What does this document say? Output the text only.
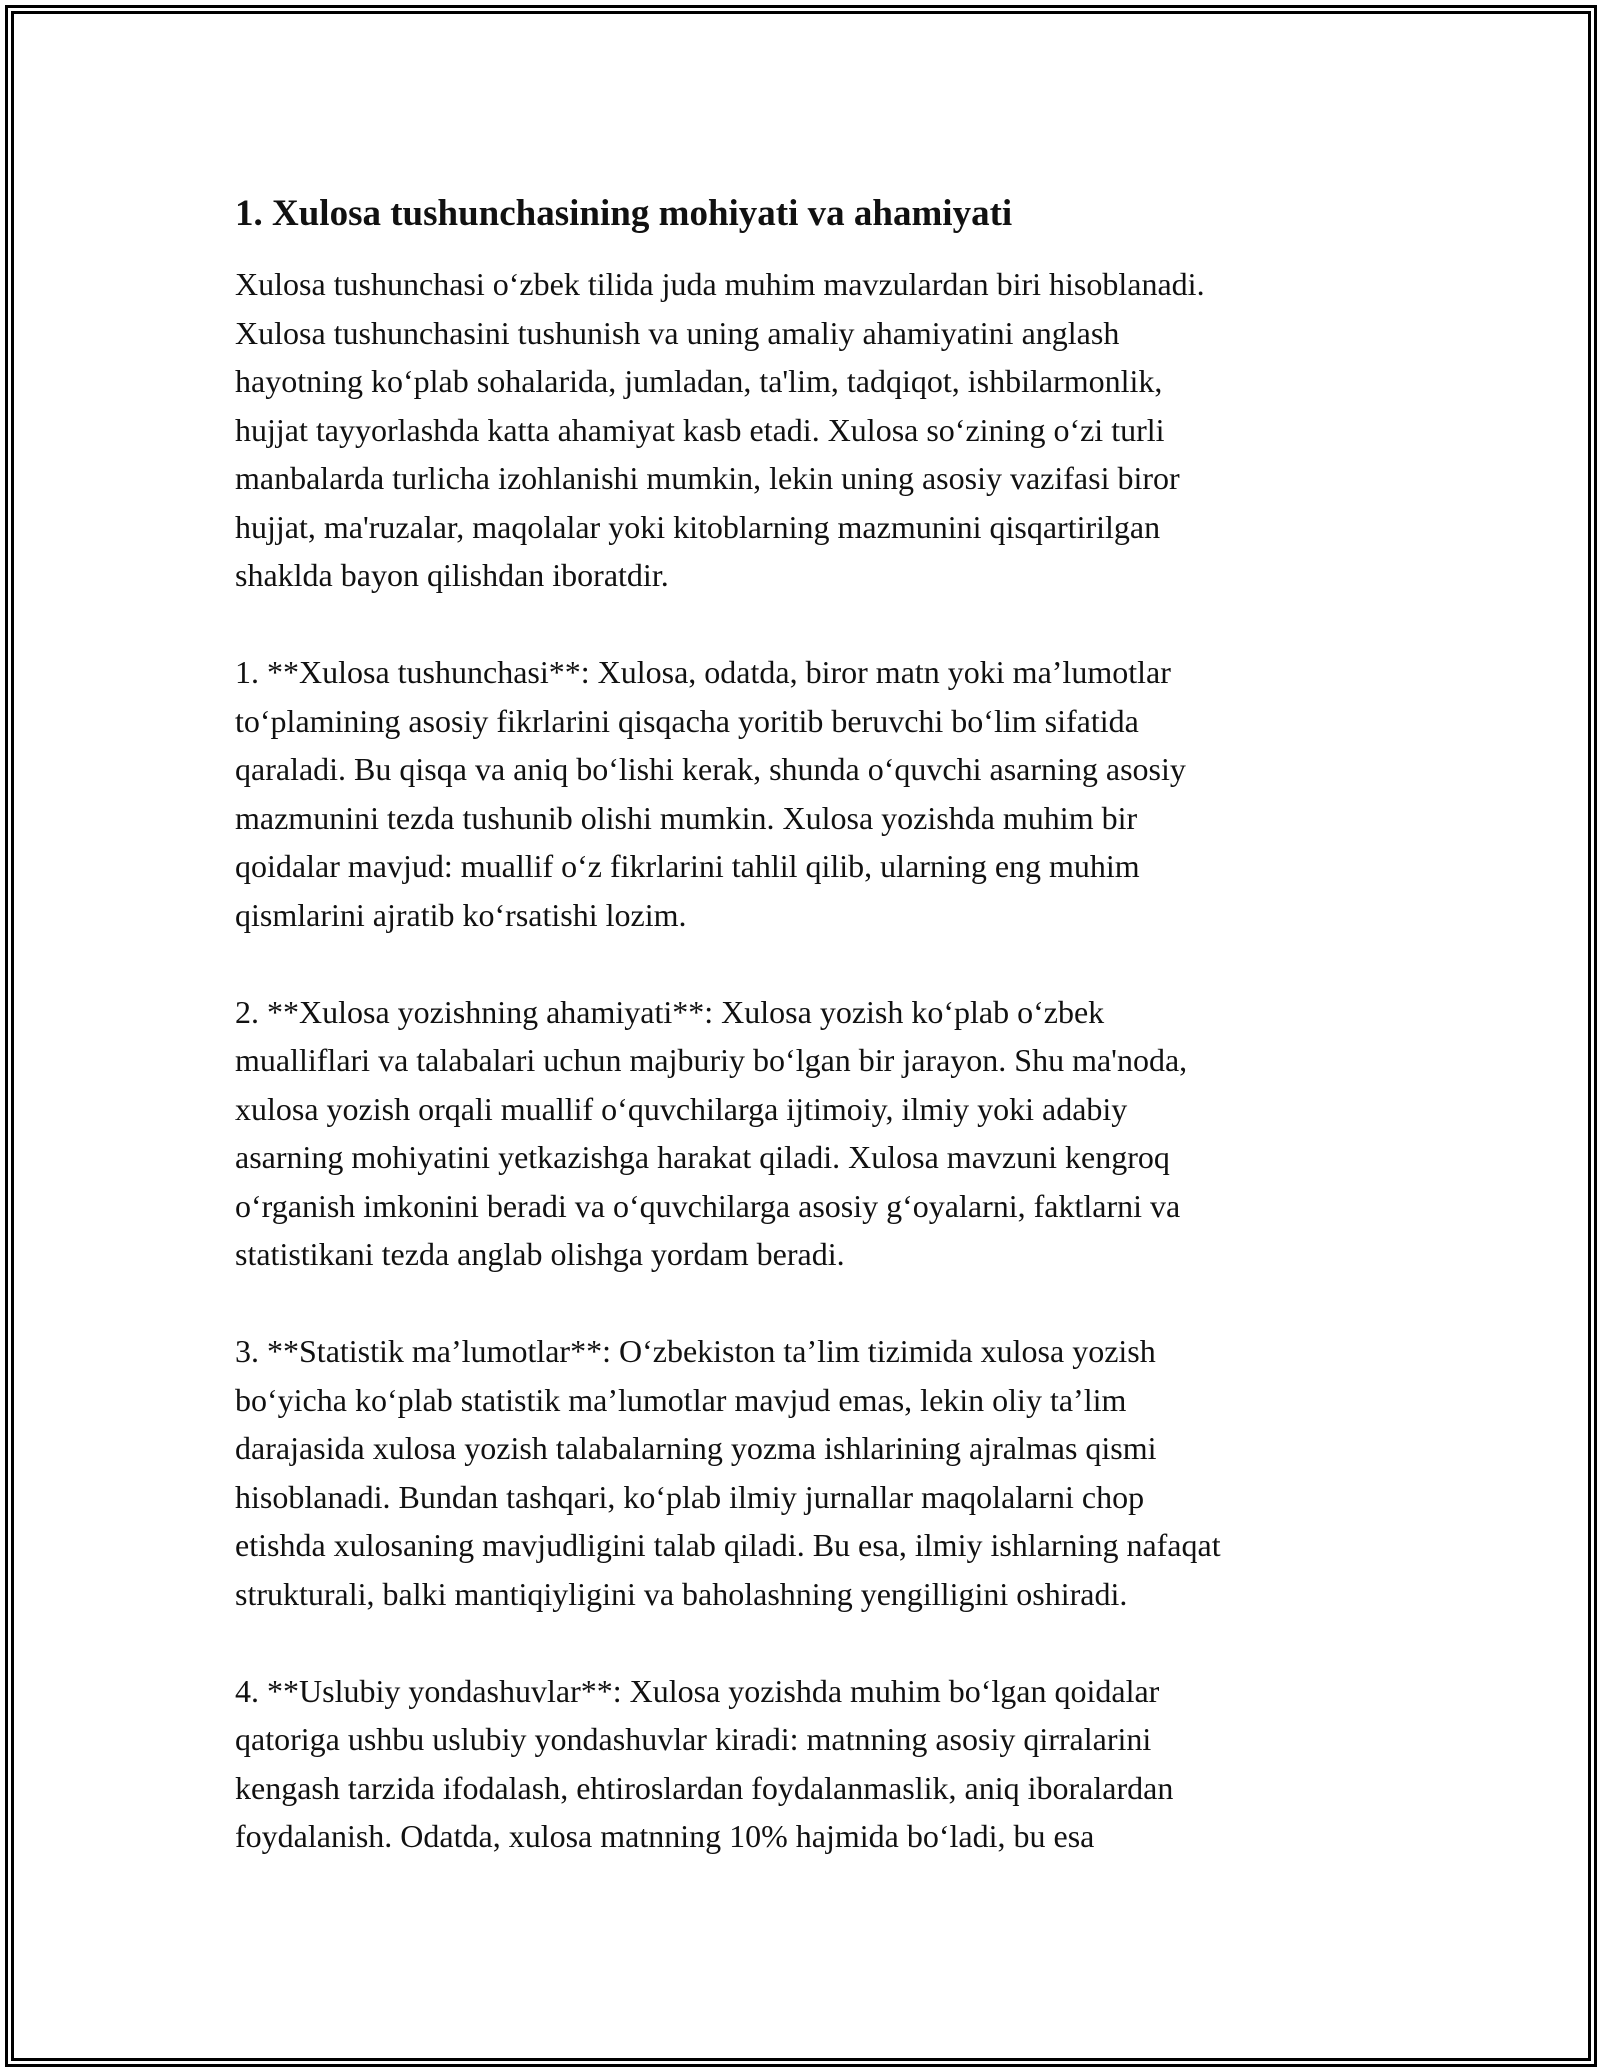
1. Xulosa tushunchasining mohiyati va ahamiyati

Xulosa tushunchasi o‘zbek tilida juda muhim mavzulardan biri hisoblanadi.
Xulosa tushunchasini tushunish va uning amaliy ahamiyatini anglash
hayotning ko‘plab sohalarida, jumladan, ta'lim, tadqiqot, ishbilarmonlik,
hujjat tayyorlashda katta ahamiyat kasb etadi. Xulosa so‘zining o‘zi turli
manbalarda turlicha izohlanishi mumkin, lekin uning asosiy vazifasi biror
hujjat, ma'ruzalar, maqolalar yoki kitoblarning mazmunini qisqartirilgan
shaklda bayon qilishdan iboratdir.

1. **Xulosa tushunchasi**: Xulosa, odatda, biror matn yoki ma’lumotlar
to‘plamining asosiy fikrlarini qisqacha yoritib beruvchi bo‘lim sifatida
qaraladi. Bu qisqa va aniq bo‘lishi kerak, shunda o‘quvchi asarning asosiy
mazmunini tezda tushunib olishi mumkin. Xulosa yozishda muhim bir
qoidalar mavjud: muallif o‘z fikrlarini tahlil qilib, ularning eng muhim
qismlarini ajratib ko‘rsatishi lozim.

2. **Xulosa yozishning ahamiyati**: Xulosa yozish ko‘plab o‘zbek
mualliflari va talabalari uchun majburiy bo‘lgan bir jarayon. Shu ma'noda,
xulosa yozish orqali muallif o‘quvchilarga ijtimoiy, ilmiy yoki adabiy
asarning mohiyatini yetkazishga harakat qiladi. Xulosa mavzuni kengroq
o‘rganish imkonini beradi va o‘quvchilarga asosiy g‘oyalarni, faktlarni va
statistikani tezda anglab olishga yordam beradi.

3. **Statistik ma’lumotlar**: O‘zbekiston ta’lim tizimida xulosa yozish
bo‘yicha ko‘plab statistik ma’lumotlar mavjud emas, lekin oliy ta’lim
darajasida xulosa yozish talabalarning yozma ishlarining ajralmas qismi
hisoblanadi. Bundan tashqari, ko‘plab ilmiy jurnallar maqolalarni chop
etishda xulosaning mavjudligini talab qiladi. Bu esa, ilmiy ishlarning nafaqat
strukturali, balki mantiqiyligini va baholashning yengilligini oshiradi.

4. **Uslubiy yondashuvlar**: Xulosa yozishda muhim bo‘lgan qoidalar
qatoriga ushbu uslubiy yondashuvlar kiradi: matnning asosiy qirralarini
kengash tarzida ifodalash, ehtiroslardan foydalanmaslik, aniq iboralardan
foydalanish. Odatda, xulosa matnning 10% hajmida bo‘ladi, bu esa
